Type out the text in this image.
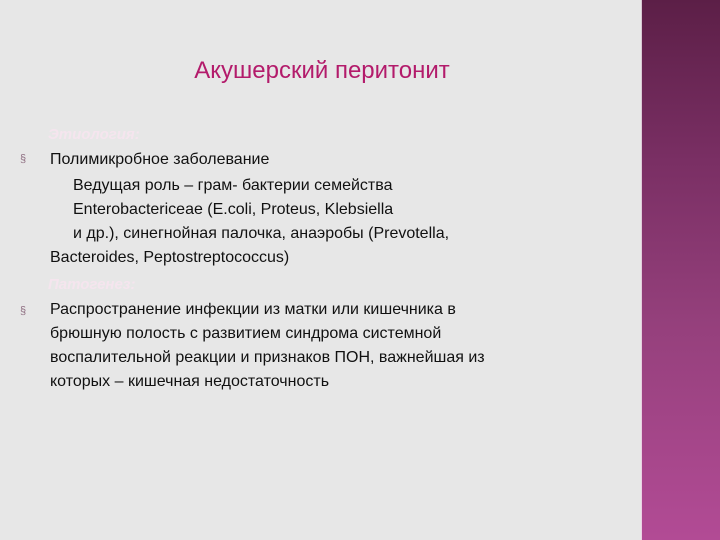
Акушерский перитонит
Этиология:
§ Полимикробное заболевание
Ведущая роль – грам- бактерии семейства
Enterobactericeae (E.coli, Proteus, Klebsiella
и др.), синегнойная палочка, анаэробы (Prevotella,
Bacteroides, Peptostreptococcus)
Патогенез:
§ Распространение инфекции из матки или кишечника в
брюшную полость с развитием синдрома системной
воспалительной реакции и признаков ПОН, важнейшая из
которых – кишечная недостаточность
